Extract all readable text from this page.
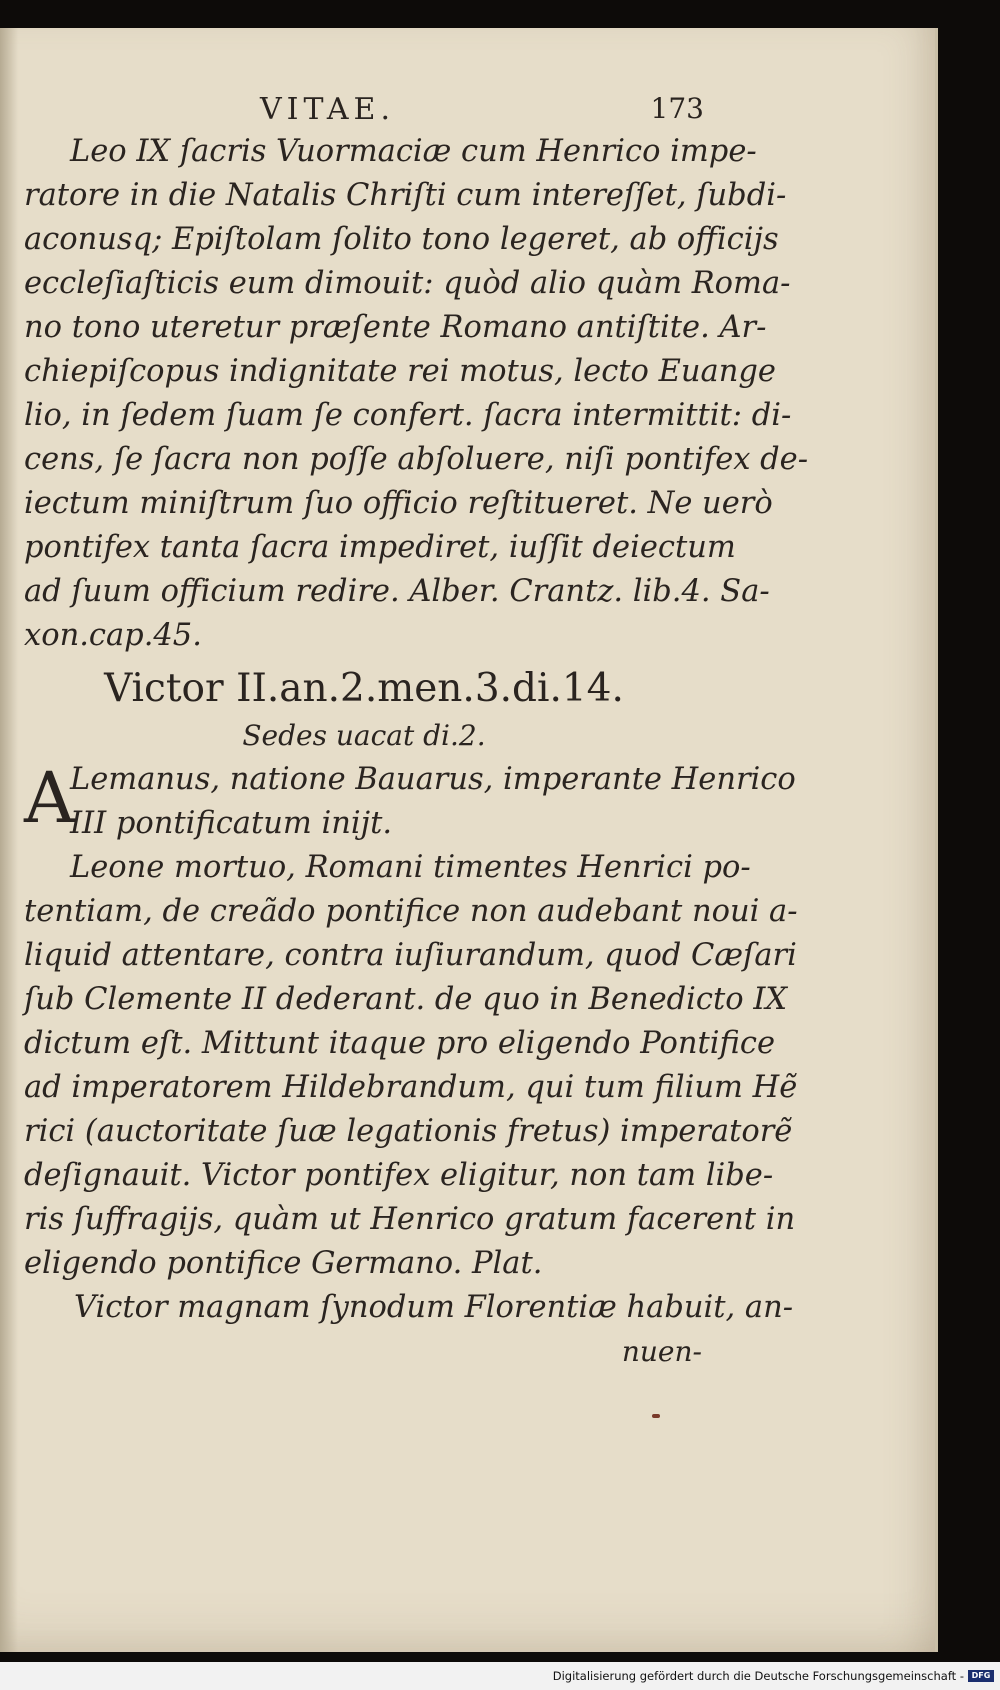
VITAE.	173
Leo IX ſacris Vuormaciæ cum Henrico impe-
ratore in die Natalis Chriſti cum intereſſet, ſubdi-
aconusq; Epiſtolam ſolito tono legeret, ab officijs
eccleſiaſticis eum dimouit: quòd alio quàm Roma-
no tono uteretur præſente Romano antiſtite. Ar-
chiepiſcopus indignitate rei motus, lecto Euange
lio, in ſedem ſuam ſe confert. ſacra intermittit: di-
cens, ſe ſacra non poſſe abſoluere, niſi pontifex de-
iectum miniſtrum ſuo officio reſtitueret. Ne uerò
pontifex tanta ſacra impediret, iuſſit deiectum
ad ſuum officium redire. Alber. Crantz. lib.4. Sa-
xon.cap.45.
Victor II.an.2.men.3.di.14.
Sedes uacat di.2.
A
Lemanus, natione Bauarus, imperante Henrico
III pontificatum inijt.
Leone mortuo, Romani timentes Henrici po-
tentiam, de creãdo pontifice non audebant noui a-
liquid attentare, contra iuſiurandum, quod Cæſari
ſub Clemente II dederant. de quo in Benedicto IX
dictum eſt. Mittunt itaque pro eligendo Pontifice
ad imperatorem Hildebrandum, qui tum filium Hẽ
rici (auctoritate ſuæ legationis fretus) imperatorẽ
deſignauit. Victor pontifex eligitur, non tam libe-
ris ſuffragijs, quàm ut Henrico gratum facerent in
eligendo pontifice Germano. Plat.
Victor magnam ſynodum Florentiæ habuit, an-
nuen-
Digitalisierung gefördert durch die Deutsche Forschungsgemeinschaft - DFG
